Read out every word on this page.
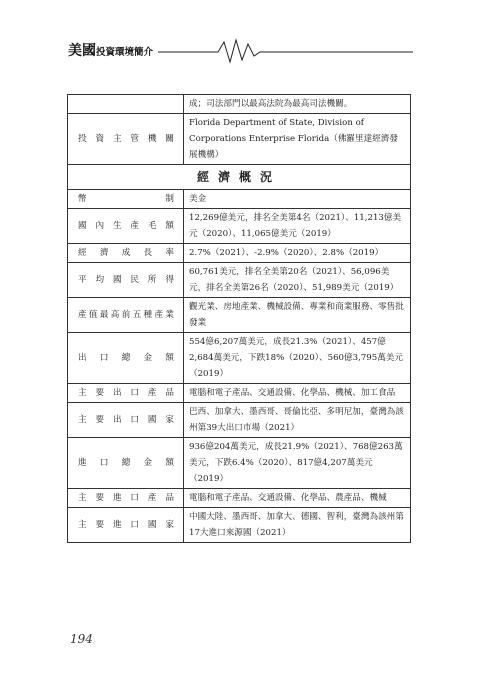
美國投資環境簡介
	成；司法部門以最高法院為最高司法機關。
投資主管機關	Florida Department of State, Division of Corporations Enterprise Florida（佛羅里達經濟發展機構）
經濟概況	
幣制	美金
國內生產毛額	12,269億美元，排名全美第4名（2021）、11,213億美元（2020）、11,065億美元（2019）
經濟成長率	2.7%（2021）、-2.9%（2020）、2.8%（2019）
平均國民所得	60,761美元，排名全美第20名（2021）、56,096美元，排名全美第26名（2020）、51,989美元（2019）
產值最高前五種產業	觀光業、房地產業、機械設備、專業和商業服務、零售批發業
出口總金額	554億6,207萬美元，成長21.3%（2021）、457億2,684萬美元，下跌18%（2020）、560億3,795萬美元（2019）
主要出口產品	電腦和電子產品、交通設備、化學品、機械、加工食品
主要出口國家	巴西、加拿大、墨西哥、哥倫比亞、多明尼加，臺灣為該州第39大出口市場（2021）
進口總金額	936億204萬美元，成長21.9%（2021）、768億263萬美元，下跌6.4%（2020）、817億4,207萬美元（2019）
主要進口產品	電腦和電子產品、交通設備、化學品、農產品、機械
主要進口國家	中國大陸、墨西哥、加拿大、德國、智利，臺灣為該州第17大進口來源國（2021）
194
